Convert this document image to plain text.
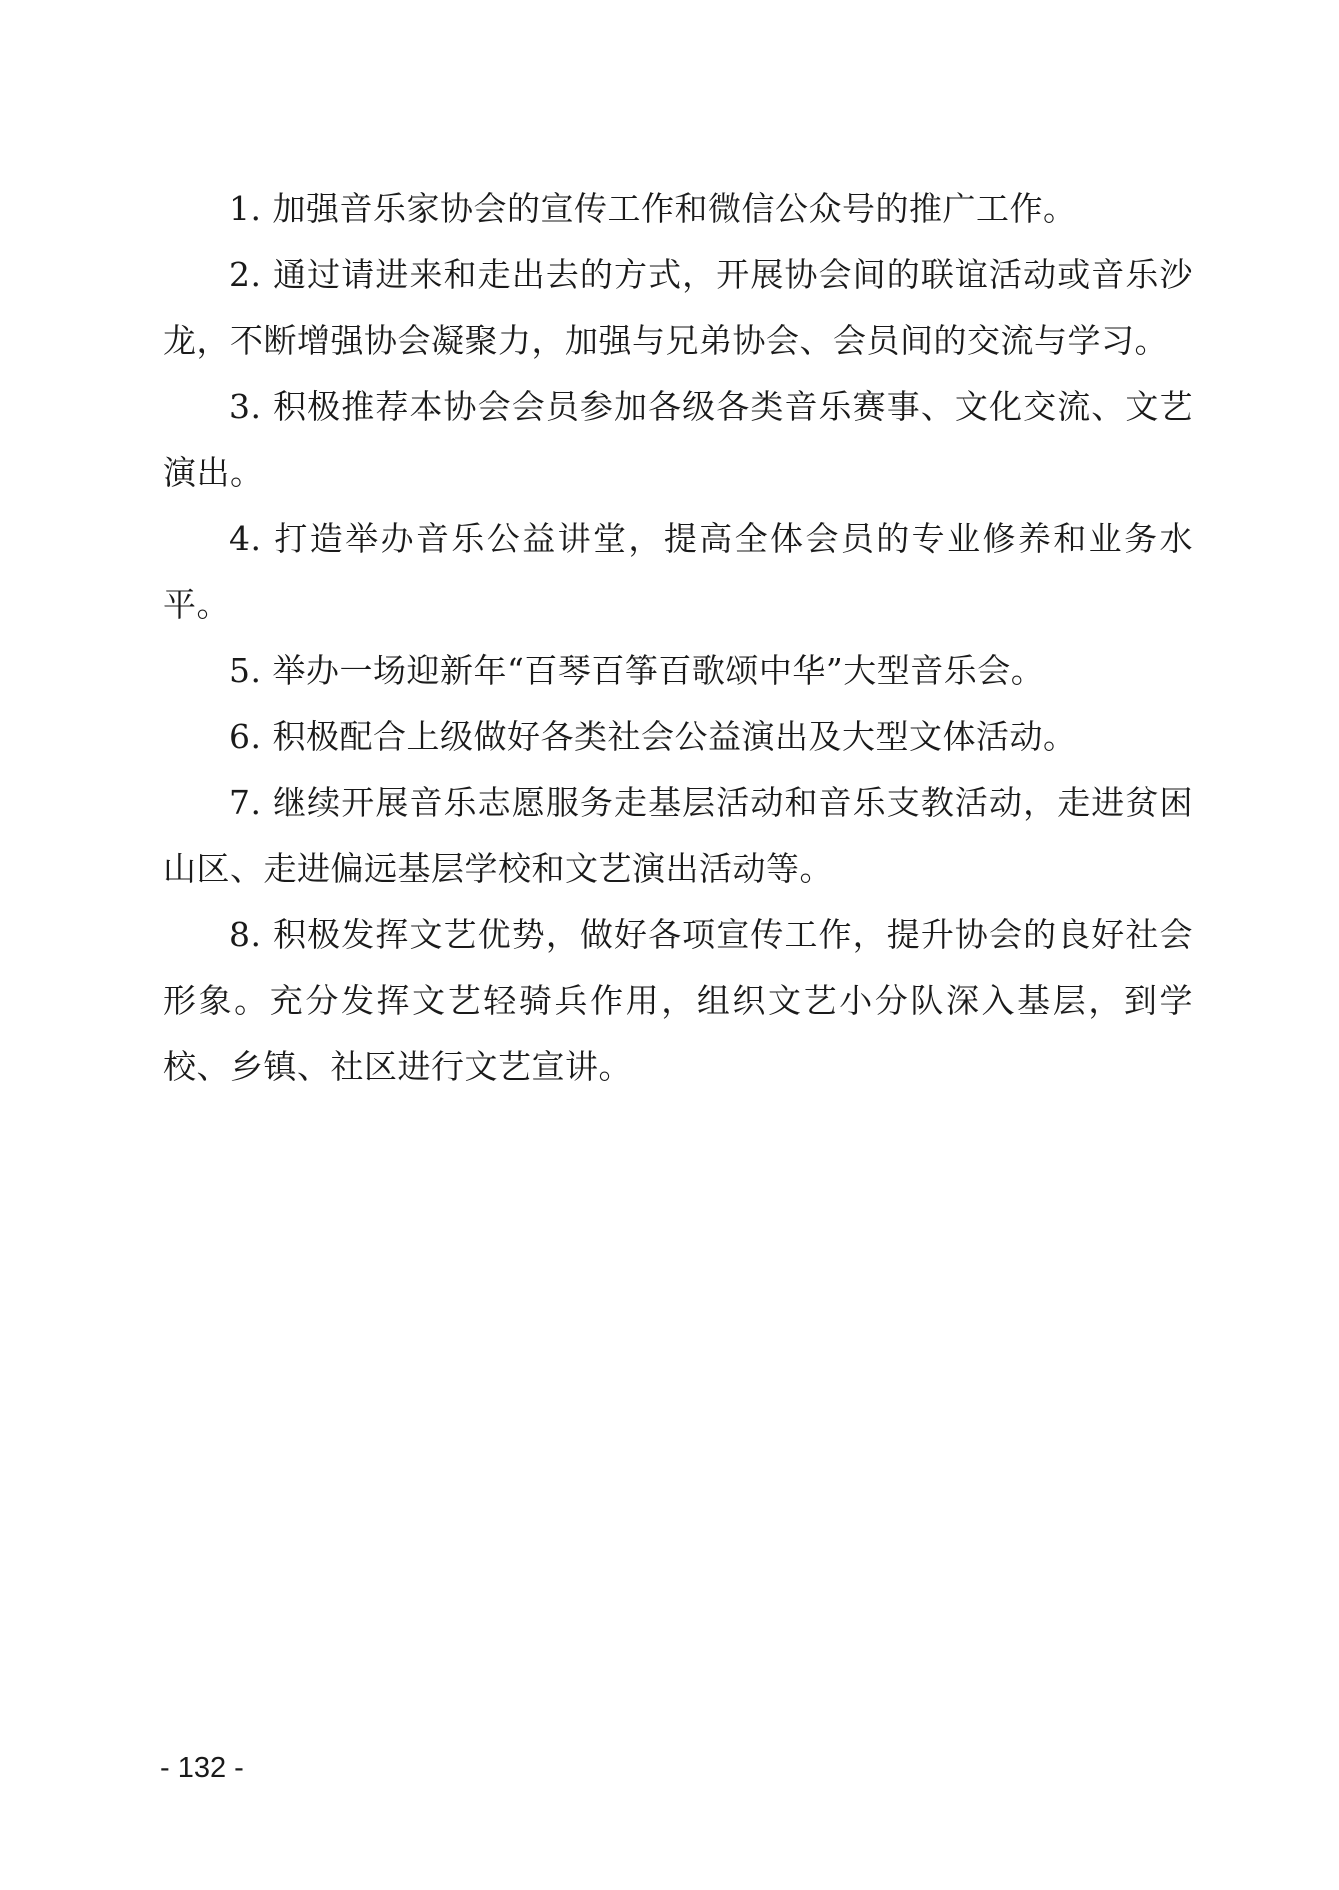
1. 加强音乐家协会的宣传工作和微信公众号的推广工作。

2. 通过请进来和走出去的方式，开展协会间的联谊活动或音乐沙龙，不断增强协会凝聚力，加强与兄弟协会、会员间的交流与学习。

3. 积极推荐本协会会员参加各级各类音乐赛事、文化交流、文艺演出。

4. 打造举办音乐公益讲堂，提高全体会员的专业修养和业务水平。

5. 举办一场迎新年“百琴百筝百歌颂中华”大型音乐会。

6. 积极配合上级做好各类社会公益演出及大型文体活动。

7. 继续开展音乐志愿服务走基层活动和音乐支教活动，走进贫困山区、走进偏远基层学校和文艺演出活动等。

8. 积极发挥文艺优势，做好各项宣传工作，提升协会的良好社会形象。充分发挥文艺轻骑兵作用，组织文艺小分队深入基层，到学校、乡镇、社区进行文艺宣讲。

- 132 -
